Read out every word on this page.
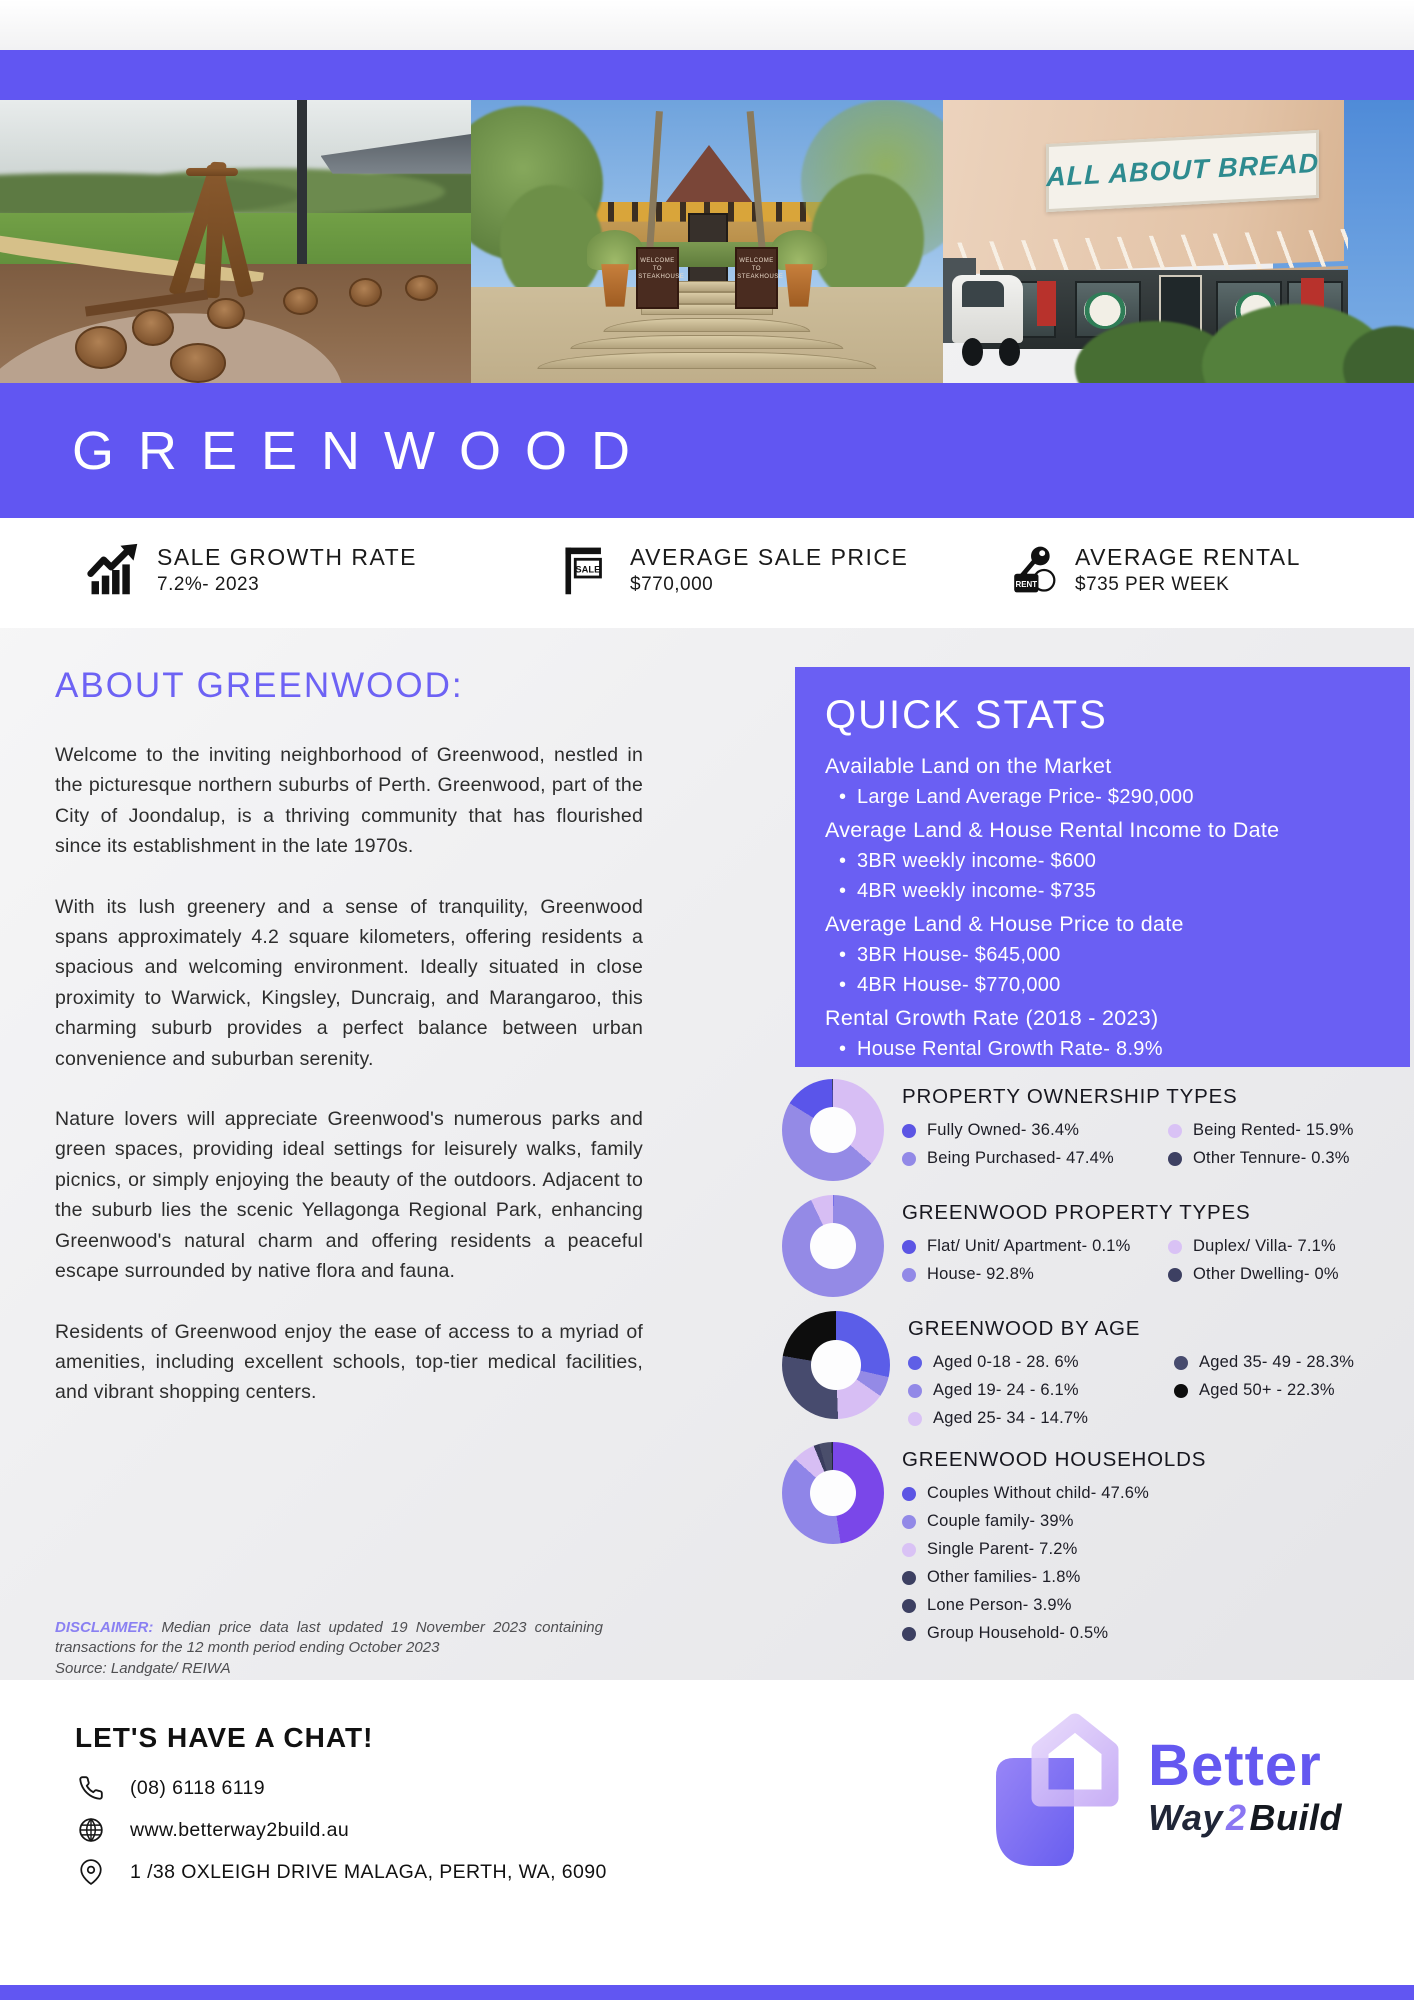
WELCOME TO
STEAKHOUSE
WELCOME TO
STEAKHOUSE
ALL ABOUT BREAD
GREENWOOD
SALE GROWTH RATE
7.2%- 2023
SALE AVERAGE SALE PRICE
$770,000	RENT
AVERAGE RENTAL
$735 PER WEEK
ABOUT GREENWOOD:

Welcome to the inviting neighborhood of Greenwood, nestled in the picturesque northern suburbs of Perth. Greenwood, part of the City of Joondalup, is a thriving community that has flourished since its establishment in the late 1970s.

With its lush greenery and a sense of tranquility, Greenwood spans approximately 4.2 square kilometers, offering residents a spacious and welcoming environment. Ideally situated in close proximity to Warwick, Kingsley, Duncraig, and Marangaroo, this charming suburb provides a perfect balance between urban convenience and suburban serenity.

Nature lovers will appreciate Greenwood's numerous parks and green spaces, providing ideal settings for leisurely walks, family picnics, or simply enjoying the beauty of the outdoors. Adjacent to the suburb lies the scenic Yellagonga Regional Park, enhancing Greenwood's natural charm and offering residents a peaceful escape surrounded by native flora and fauna.

Residents of Greenwood enjoy the ease of access to a myriad of amenities, including excellent schools, top-tier medical facilities, and vibrant shopping centers.

DISCLAIMER: Median price data last updated 19 November 2023 containing transactions for the 12 month period ending October 2023
Source: Landgate/ REIWA
QUICK STATS
Available Land on the Market
• Large Land Average Price- $290,000
Average Land & House Rental Income to Date
• 3BR weekly income- $600
• 4BR weekly income- $735
Average Land & House Price to date
• 3BR House- $645,000
• 4BR House- $770,000
Rental Growth Rate (2018 - 2023)
• House Rental Growth Rate- 8.9%
PROPERTY OWNERSHIP TYPES
Fully Owned- 36.4%
Being Purchased- 47.4%
Being Rented- 15.9%
Other Tennure- 0.3%
GREENWOOD PROPERTY TYPES
Flat/ Unit/ Apartment- 0.1%
House- 92.8%
Duplex/ Villa- 7.1%
Other Dwelling- 0%
GREENWOOD BY AGE
Aged 0-18 - 28. 6%
Aged 19- 24 - 6.1%
Aged 25- 34 - 14.7%
Aged 35- 49 - 28.3%
Aged 50+ - 22.3%
GREENWOOD HOUSEHOLDS
Couples Without child- 47.6%
Couple family- 39%
Single Parent- 7.2%
Other families- 1.8%
Lone Person- 3.9%
Group Household- 0.5%
LET'S HAVE A CHAT!
(08) 6118 6119
www.betterway2build.au
1 /38 OXLEIGH DRIVE MALAGA, PERTH, WA, 6090
Better
Way2Build
